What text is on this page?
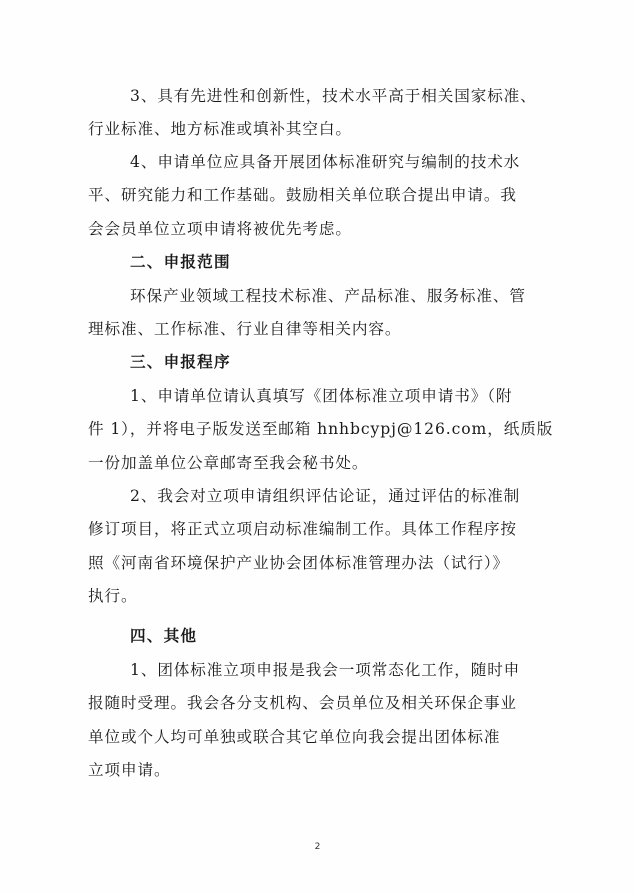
3、具有先进性和创新性，技术水平高于相关国家标准、
行业标准、地方标准或填补其空白。
4、申请单位应具备开展团体标准研究与编制的技术水
平、研究能力和工作基础。鼓励相关单位联合提出申请。我
会会员单位立项申请将被优先考虑。
二、申报范围
环保产业领域工程技术标准、产品标准、服务标准、管
理标准、工作标准、行业自律等相关内容。
三、申报程序
1、申请单位请认真填写《团体标准立项申请书》（附
件 1），并将电子版发送至邮箱 hnhbcypj@126.com，纸质版
一份加盖单位公章邮寄至我会秘书处。
2、我会对立项申请组织评估论证，通过评估的标准制
修订项目，将正式立项启动标准编制工作。具体工作程序按
照《河南省环境保护产业协会团体标准管理办法（试行）》
执行。
四、其他
1、团体标准立项申报是我会一项常态化工作，随时申
报随时受理。我会各分支机构、会员单位及相关环保企事业
单位或个人均可单独或联合其它单位向我会提出团体标准
立项申请。
2
